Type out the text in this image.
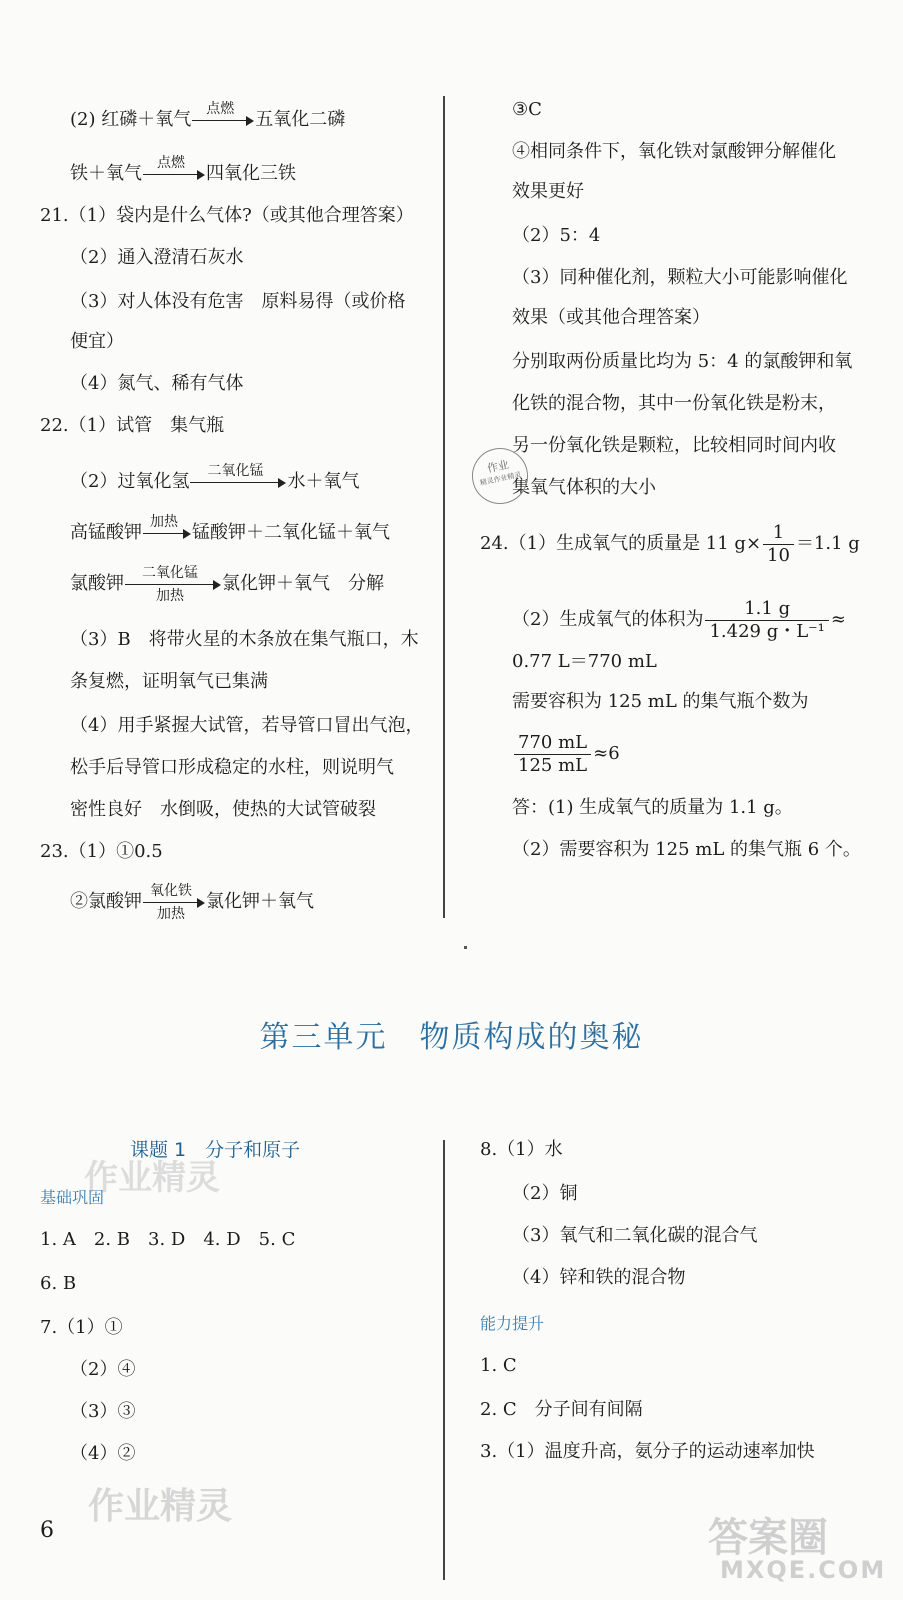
(2) 红磷＋氧气	点燃	五氧化二磷
铁＋氧气	点燃	四氧化三铁
21.（1）袋内是什么气体?（或其他合理答案）
（2）通入澄清石灰水
（3）对人体没有危害　原料易得（或价格
便宜）
（4）氮气、稀有气体
22.（1）试管　集气瓶
（2）过氧化氢	二氧化锰	水＋氧气
高锰酸钾 加热 锰酸钾＋二氧化锰＋氧气
氯酸钾	二氧化锰
加热
氯化钾＋氧气　分解
（3）B　将带火星的木条放在集气瓶口，木
条复燃，证明氧气已集满
（4）用手紧握大试管，若导管口冒出气泡，
松手后导管口形成稳定的水柱，则说明气
密性良好　水倒吸，使热的大试管破裂
23.（1）①0.5
②氯酸钾 氧化铁
加热
氯化钾＋氧气
③C
④相同条件下，氧化铁对氯酸钾分解催化
效果更好
（2）5：4
（3）同种催化剂，颗粒大小可能影响催化
效果（或其他合理答案）
分别取两份质量比均为 5：4 的氯酸钾和氧
化铁的混合物，其中一份氧化铁是粉末，
另一份氧化铁是颗粒，比较相同时间内收
集氧气体积的大小
作业
精灵作业精灵
24.（1）生成氧气的质量是 11 $g\times \frac{1}{10} =1.1$ g
（2）生成氧气的体积为 $\frac{1.1 g}{\text{1.429 g・L⁻¹}}$ ≈
0.77 L＝770 mL
需要容积为 125 mL 的集气瓶个数为
$\frac{770 mL}{125 mL} \approx 6$
答：(1) 生成氧气的质量为 1.1 g。
（2）需要容积为 125 mL 的集气瓶 6 个。
第三单元　物质构成的奥秘
作业精灵
课题 1　分子和原子
基础巩固
1. A　2. B　3. D　4. D　5. C
6. B
7.（1）①
（2）④
（3）③
（4）②
作业精灵
6
8.（1）水
（2）铜
（3）氧气和二氧化碳的混合气
（4）锌和铁的混合物
能力提升
1. C
2. C　分子间有间隔
3.（1）温度升高，氨分子的运动速率加快
答案圈
MXQE.COM
